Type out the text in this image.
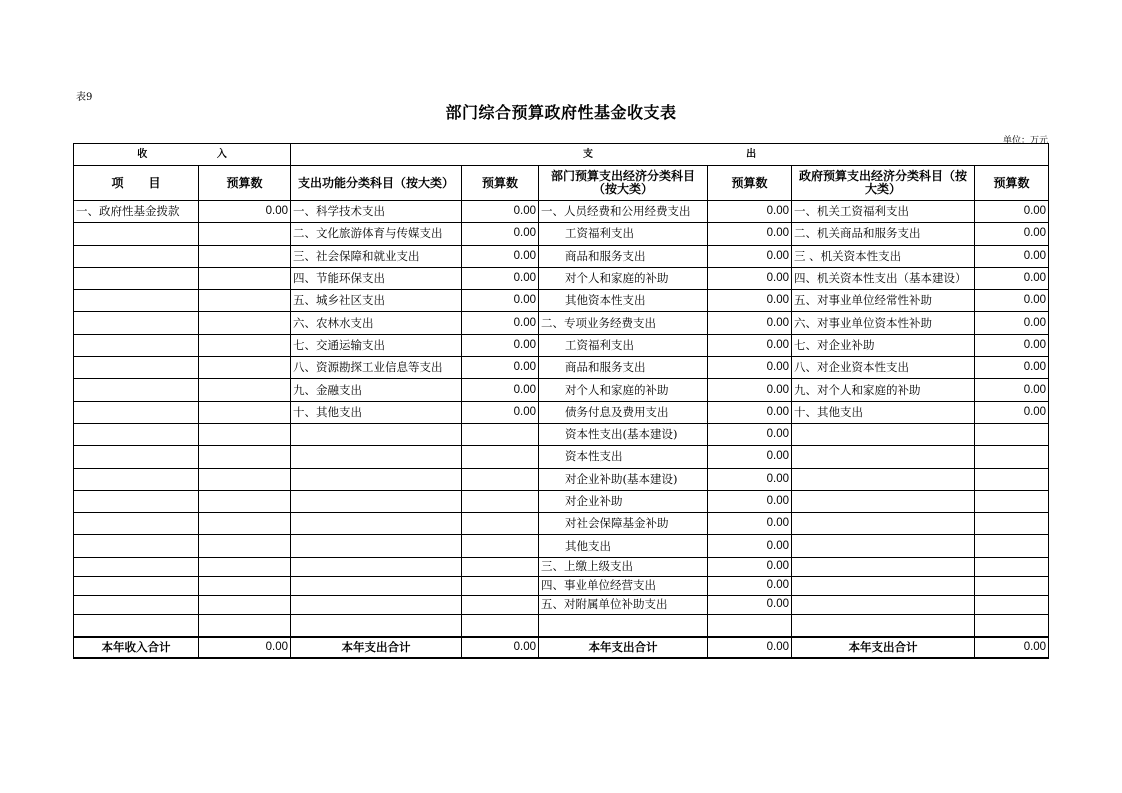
表9
部门综合预算政府性基金收支表
单位：万元
收                    入		支                                            出					
项      目	预算数	支出功能分类科目（按大类）	预算数	部门预算支出经济分类科目（按大类）	预算数	政府预算支出经济分类科目（按大类）	预算数
一、政府性基金拨款	0.00	一、科学技术支出	0.00	一、人员经费和公用经费支出	0.00	一、机关工资福利支出	0.00
		二、文化旅游体育与传媒支出	0.00	工资福利支出	0.00	二、机关商品和服务支出	0.00
		三、社会保障和就业支出	0.00	商品和服务支出	0.00	三 、机关资本性支出	0.00
		四、节能环保支出	0.00	对个人和家庭的补助	0.00	四、机关资本性支出（基本建设）	0.00
		五、城乡社区支出	0.00	其他资本性支出	0.00	五、对事业单位经常性补助	0.00
		六、农林水支出	0.00	二、专项业务经费支出	0.00	六、对事业单位资本性补助	0.00
		七、交通运输支出	0.00	工资福利支出	0.00	七、对企业补助	0.00
		八、资源勘探工业信息等支出	0.00	商品和服务支出	0.00	八、对企业资本性支出	0.00
		九、金融支出	0.00	对个人和家庭的补助	0.00	九、对个人和家庭的补助	0.00
		十、其他支出	0.00	债务付息及费用支出	0.00	十、其他支出	0.00
				资本性支出(基本建设)	0.00		
				资本性支出	0.00		
				对企业补助(基本建设)	0.00		
				对企业补助	0.00		
				对社会保障基金补助	0.00		
				其他支出	0.00		
				三、上缴上级支出	0.00		
				四、事业单位经营支出	0.00		
				五、对附属单位补助支出	0.00		

本年收入合计	0.00	本年支出合计	0.00	本年支出合计	0.00	本年支出合计	0.00
